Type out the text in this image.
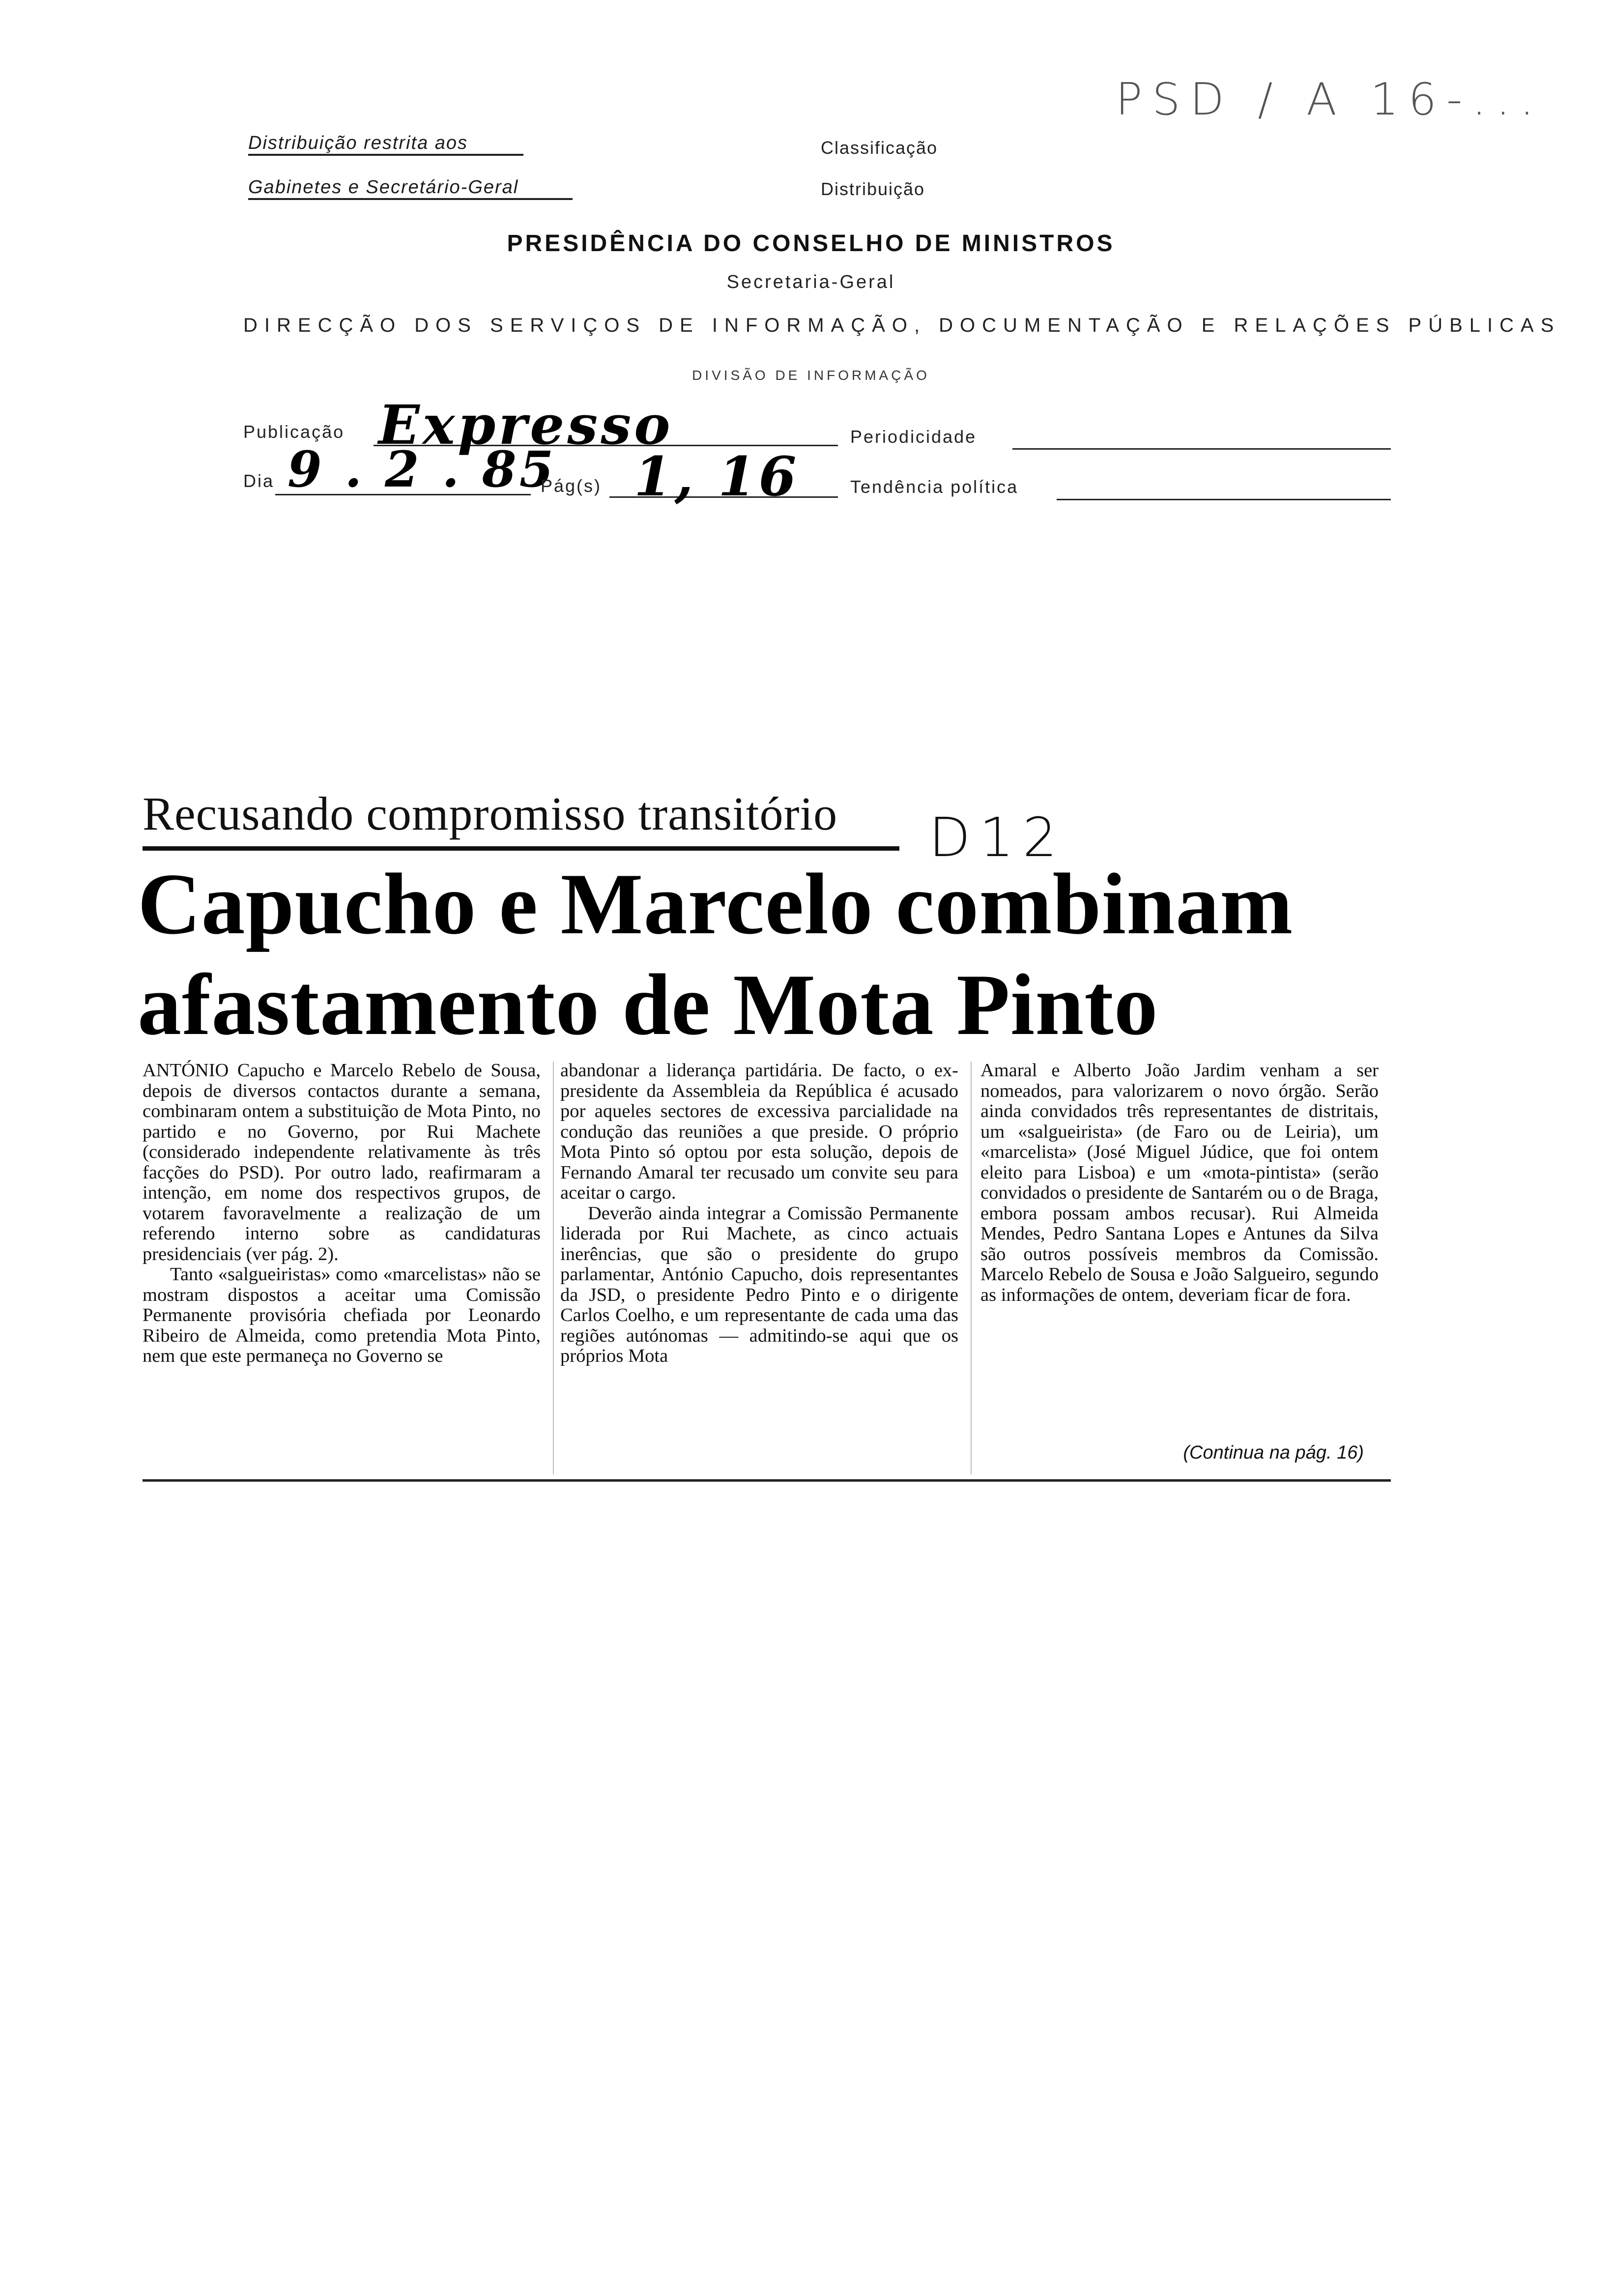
PSD / A 16-...
Distribuição restrita aos
Gabinetes e Secretário-Geral
Classificação
Distribuição
PRESIDÊNCIA DO CONSELHO DE MINISTROS
Secretaria-Geral
DIRECÇÃO DOS SERVIÇOS DE INFORMAÇÃO, DOCUMENTAÇÃO E RELAÇÕES PÚBLICAS
DIVISÃO DE INFORMAÇÃO
Publicação Expresso	Periodicidade
Dia 9 . 2 . 85
Pág(s) 1, 16	Tendência política
Recusando compromisso transitório D12
Capucho e Marcelo combinam
afastamento de Mota Pinto

ANTÓNIO Capucho e Marcelo Rebelo de Sousa, depois de diversos contactos durante a semana, combinaram ontem a substituição de Mota Pinto, no partido e no Governo, por Rui Machete (considerado independente relativamente às três facções do PSD). Por outro lado, reafirmaram a intenção, em nome dos respectivos grupos, de votarem favoravelmente a realização de um referendo interno sobre as candidaturas presidenciais (ver pág. 2).

Tanto «salgueiristas» como «marcelistas» não se mostram dispostos a aceitar uma Comissão Permanente provisória chefiada por Leonardo Ribeiro de Almeida, como pretendia Mota Pinto, nem que este permaneça no Governo se

abandonar a liderança partidária. De facto, o ex-presidente da Assembleia da República é acusado por aqueles sectores de excessiva parcialidade na condução das reuniões a que preside. O próprio Mota Pinto só optou por esta solução, depois de Fernando Amaral ter recusado um convite seu para aceitar o cargo.

Deverão ainda integrar a Comissão Permanente liderada por Rui Machete, as cinco actuais inerências, que são o presidente do grupo parlamentar, António Capucho, dois representantes da JSD, o presidente Pedro Pinto e o dirigente Carlos Coelho, e um representante de cada uma das regiões autónomas — admitindo-se aqui que os próprios Mota

Amaral e Alberto João Jardim venham a ser nomeados, para valorizarem o novo órgão. Serão ainda convidados três representantes de distritais, um «salgueirista» (de Faro ou de Leiria), um «marcelista» (José Miguel Júdice, que foi ontem eleito para Lisboa) e um «mota-pintista» (serão convidados o presidente de Santarém ou o de Braga, embora possam ambos recusar). Rui Almeida Mendes, Pedro Santana Lopes e Antunes da Silva são outros possíveis membros da Comissão. Marcelo Rebelo de Sousa e João Salgueiro, segundo as informações de ontem, deveriam ficar de fora.

(Continua na pág. 16)
